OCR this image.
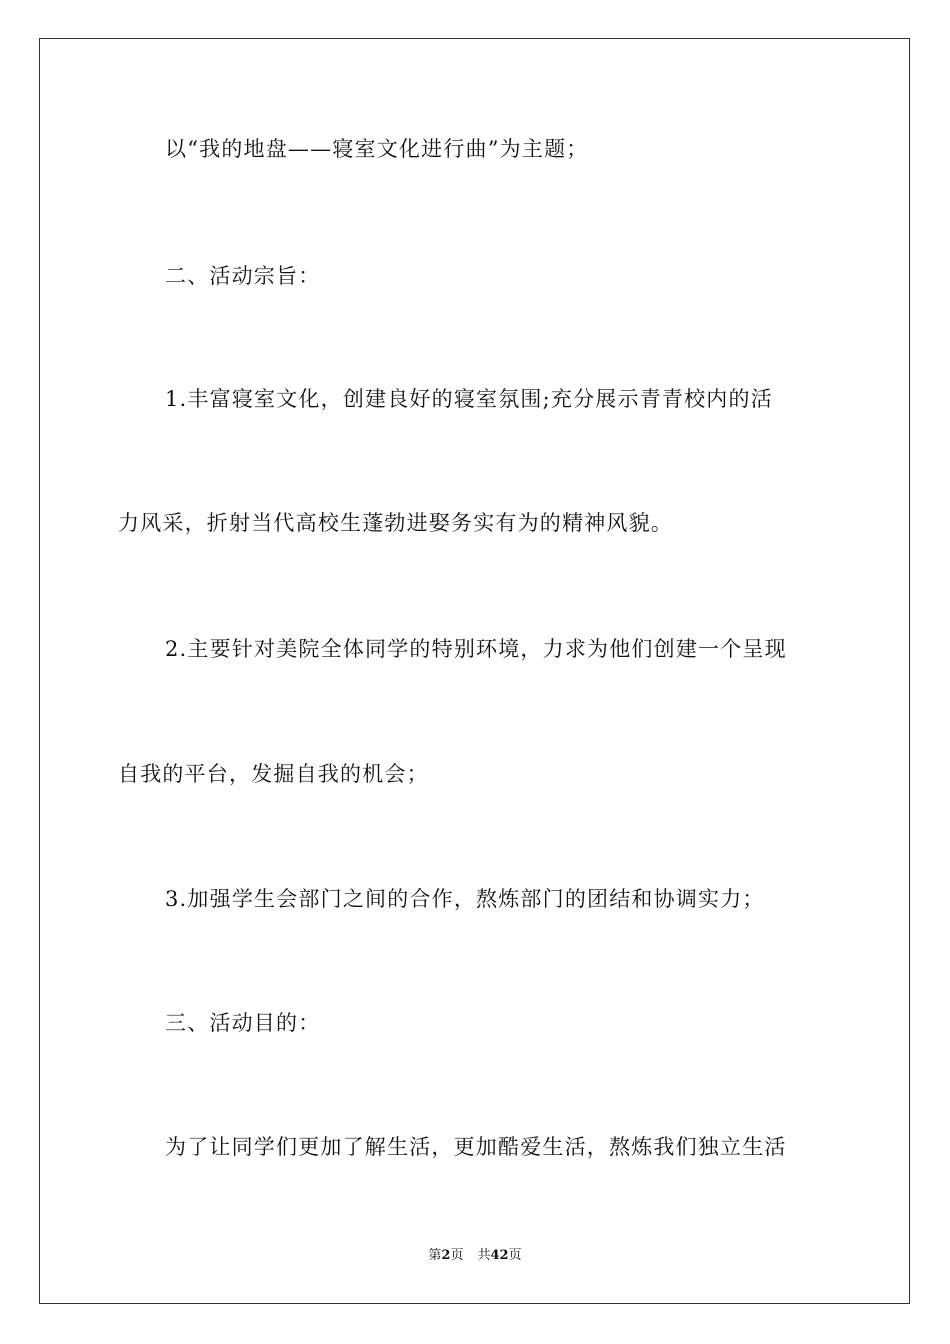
以“我的地盘——寝室文化进行曲”为主题；
二、活动宗旨：
1.丰富寝室文化，创建良好的寝室氛围;充分展示青青校内的活
力风采，折射当代高校生蓬勃进娶务实有为的精神风貌。
2.主要针对美院全体同学的特别环境，力求为他们创建一个呈现
自我的平台，发掘自我的机会；
3.加强学生会部门之间的合作，熬炼部门的团结和协调实力；
三、活动目的：
为了让同学们更加了解生活，更加酷爱生活，熬炼我们独立生活
第2页 共42页
